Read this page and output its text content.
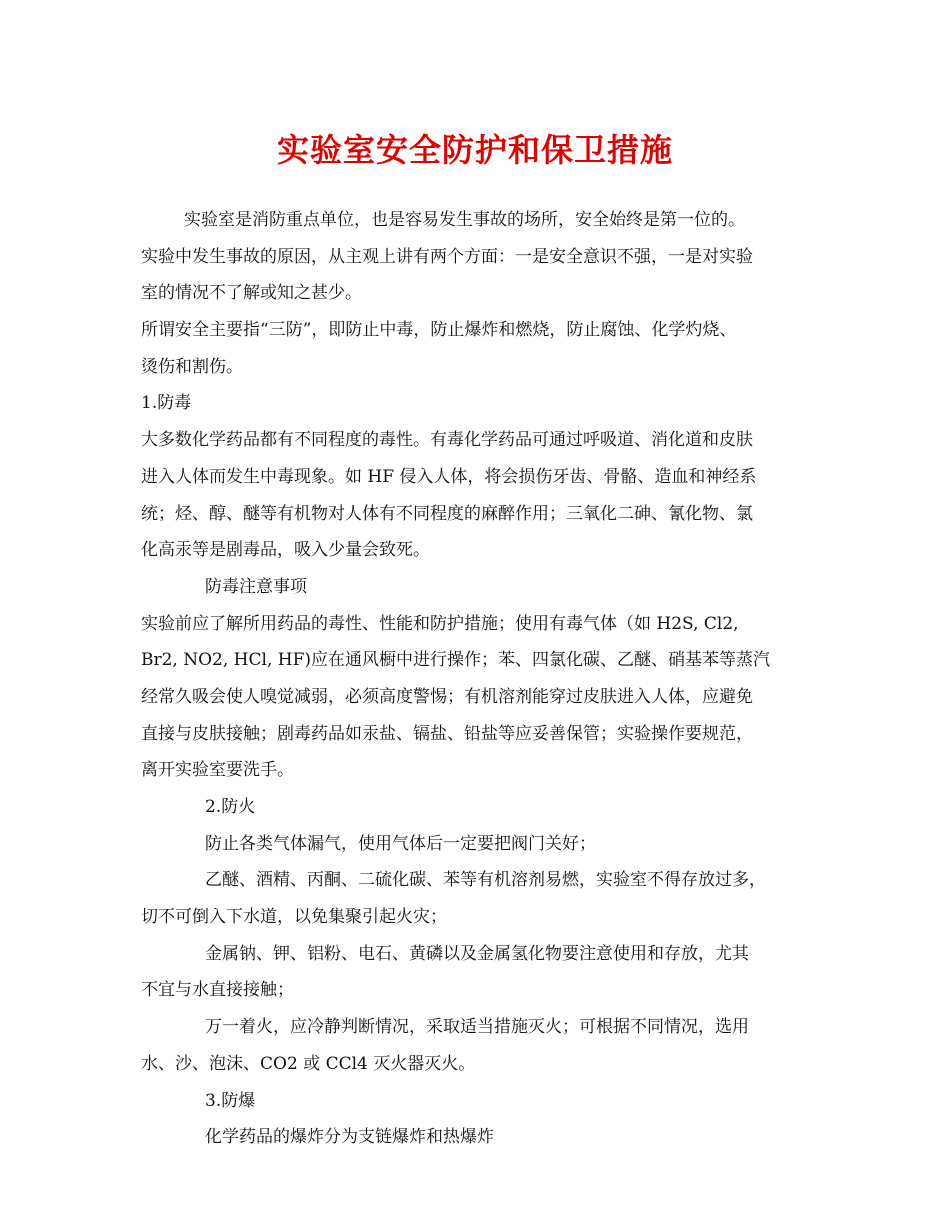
实验室安全防护和保卫措施
实验室是消防重点单位，也是容易发生事故的场所，安全始终是第一位的。
实验中发生事故的原因，从主观上讲有两个方面：一是安全意识不强，一是对实验
室的情况不了解或知之甚少。
所谓安全主要指“三防”，即防止中毒，防止爆炸和燃烧，防止腐蚀、化学灼烧、
烫伤和割伤。
1.防毒
大多数化学药品都有不同程度的毒性。有毒化学药品可通过呼吸道、消化道和皮肤
进入人体而发生中毒现象。如 HF 侵入人体，将会损伤牙齿、骨骼、造血和神经系
统；烃、醇、醚等有机物对人体有不同程度的麻醉作用；三氧化二砷、氰化物、氯
化高汞等是剧毒品，吸入少量会致死。
防毒注意事项
实验前应了解所用药品的毒性、性能和防护措施；使用有毒气体（如 H2S, Cl2,
Br2, NO2, HCl, HF)应在通风橱中进行操作；苯、四氯化碳、乙醚、硝基苯等蒸汽
经常久吸会使人嗅觉减弱，必须高度警惕；有机溶剂能穿过皮肤进入人体，应避免
直接与皮肤接触；剧毒药品如汞盐、镉盐、铅盐等应妥善保管；实验操作要规范，
离开实验室要洗手。
2.防火
防止各类气体漏气，使用气体后一定要把阀门关好；
乙醚、酒精、丙酮、二硫化碳、苯等有机溶剂易燃，实验室不得存放过多，
切不可倒入下水道，以免集聚引起火灾；
金属钠、钾、铝粉、电石、黄磷以及金属氢化物要注意使用和存放，尤其
不宜与水直接接触；
万一着火，应冷静判断情况，采取适当措施灭火；可根据不同情况，选用
水、沙、泡沫、CO2 或 CCl4 灭火器灭火。
3.防爆
化学药品的爆炸分为支链爆炸和热爆炸
